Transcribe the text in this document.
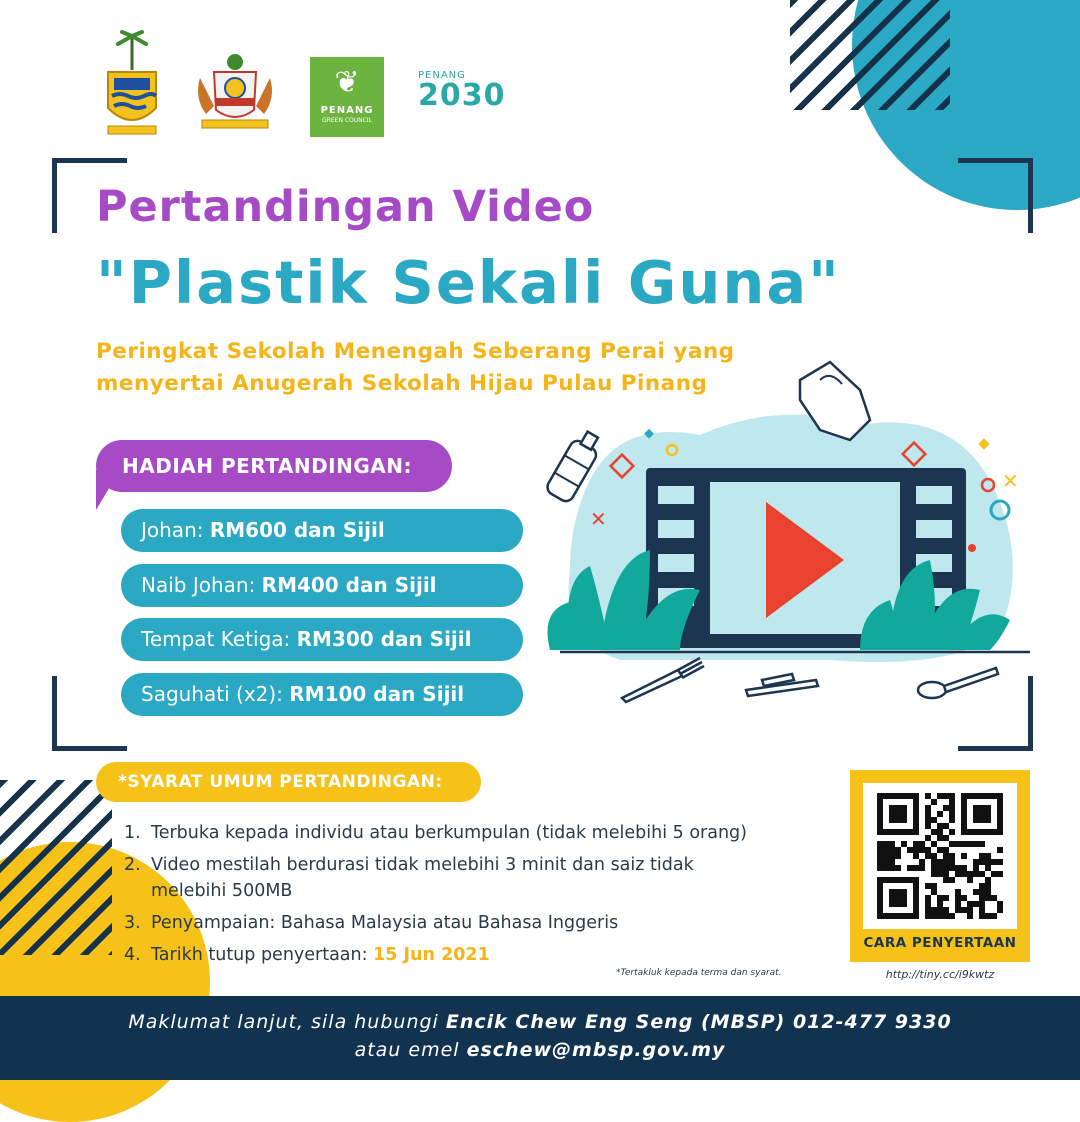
❦
PENANG
GREEN COUNCIL
PENANG
2030
Pertandingan Video
"Plastik Sekali Guna"
Peringkat Sekolah Menengah Seberang Perai yang
menyertai Anugerah Sekolah Hijau Pulau Pinang
✕
✕
HADIAH PERTANDINGAN:
Johan: RM600 dan Sijil
Naib Johan: RM400 dan Sijil
Tempat Ketiga: RM300 dan Sijil
Saguhati (x2): RM100 dan Sijil
*SYARAT UMUM PERTANDINGAN:
1. Terbuka kepada individu atau berkumpulan (tidak melebihi 5 orang)
2. Video mestilah berdurasi tidak melebihi 3 minit dan saiz tidak melebihi 500MB
3. Penyampaian: Bahasa Malaysia atau Bahasa Inggeris
4. Tarikh tutup penyertaan: 15 Jun 2021
*Tertakluk kepada terma dan syarat.
CARA PENYERTAAN
http://tiny.cc/i9kwtz
Maklumat lanjut, sila hubungi Encik Chew Eng Seng (MBSP) 012-477 9330
atau emel eschew@mbsp.gov.my
